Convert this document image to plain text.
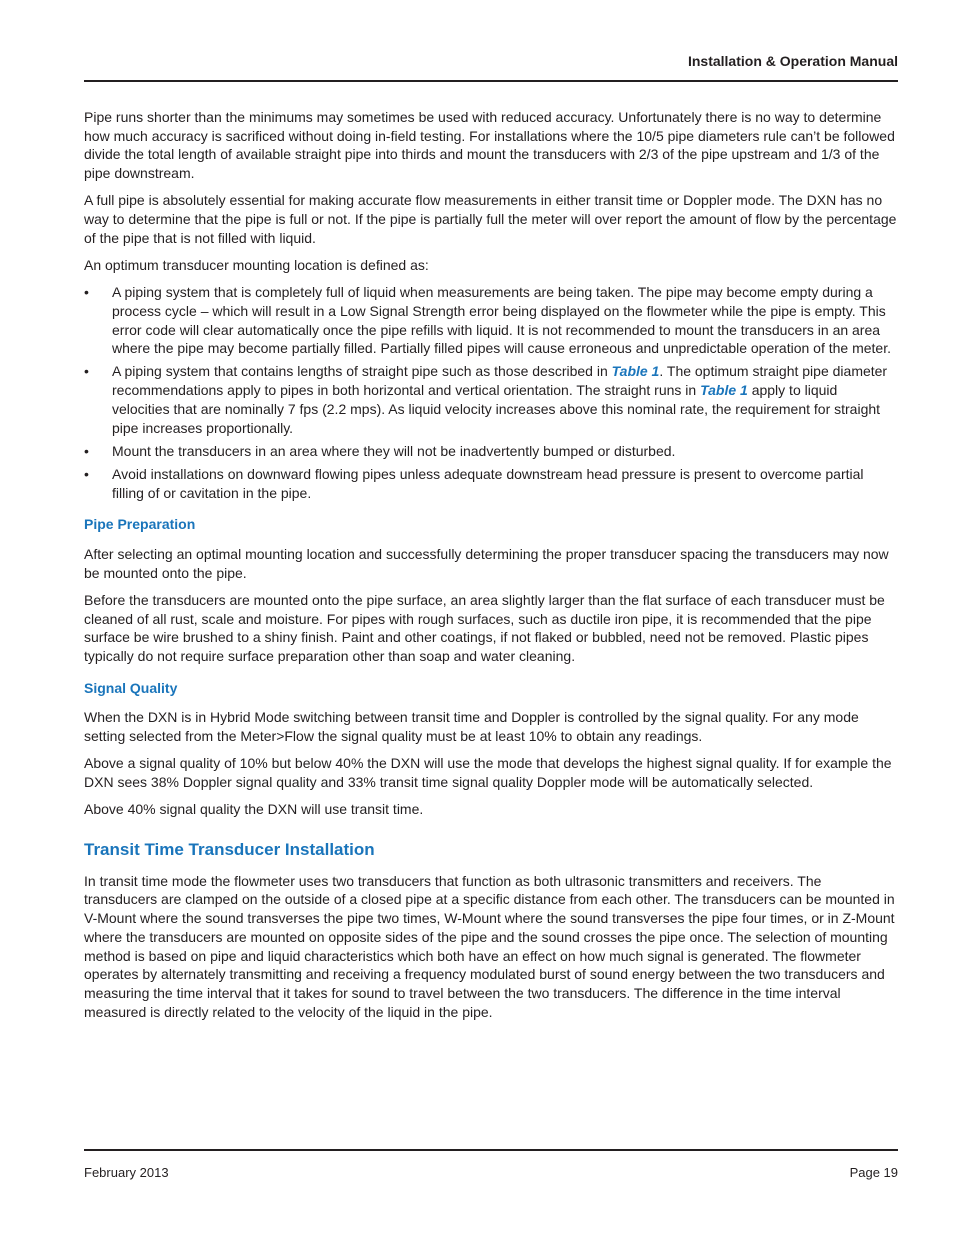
Installation & Operation Manual

Pipe runs shorter than the minimums may sometimes be used with reduced accuracy. Unfortunately there is no way to determine how much accuracy is sacrificed without doing in-field testing. For installations where the 10/5 pipe diameters rule can’t be followed divide the total length of available straight pipe into thirds and mount the transducers with 2/3 of the pipe upstream and 1/3 of the pipe downstream.

A full pipe is absolutely essential for making accurate flow measurements in either transit time or Doppler mode. The DXN has no way to determine that the pipe is full or not. If the pipe is partially full the meter will over report the amount of flow by the percentage of the pipe that is not filled with liquid.

An optimum transducer mounting location is defined as:

• A piping system that is completely full of liquid when measurements are being taken. The pipe may become empty during a process cycle – which will result in a Low Signal Strength error being displayed on the flowmeter while the pipe is empty. This error code will clear automatically once the pipe refills with liquid. It is not recommended to mount the transducers in an area where the pipe may become partially filled. Partially filled pipes will cause erroneous and unpredictable operation of the meter.
• A piping system that contains lengths of straight pipe such as those described in Table 1. The optimum straight pipe diameter recommendations apply to pipes in both horizontal and vertical orientation. The straight runs in Table 1 apply to liquid velocities that are nominally 7 fps (2.2 mps). As liquid velocity increases above this nominal rate, the requirement for straight pipe increases proportionally.
• Mount the transducers in an area where they will not be inadvertently bumped or disturbed.
• Avoid installations on downward flowing pipes unless adequate downstream head pressure is present to overcome partial filling of or cavitation in the pipe.
Pipe Preparation

After selecting an optimal mounting location and successfully determining the proper transducer spacing the transducers may now be mounted onto the pipe.

Before the transducers are mounted onto the pipe surface, an area slightly larger than the flat surface of each transducer must be cleaned of all rust, scale and moisture. For pipes with rough surfaces, such as ductile iron pipe, it is recommended that the pipe surface be wire brushed to a shiny finish. Paint and other coatings, if not flaked or bubbled, need not be removed. Plastic pipes typically do not require surface preparation other than soap and water cleaning.

Signal Quality

When the DXN is in Hybrid Mode switching between transit time and Doppler is controlled by the signal quality. For any mode setting selected from the Meter>Flow the signal quality must be at least 10% to obtain any readings.

Above a signal quality of 10% but below 40% the DXN will use the mode that develops the highest signal quality. If for example the DXN sees 38% Doppler signal quality and 33% transit time signal quality Doppler mode will be automatically selected.

Above 40% signal quality the DXN will use transit time.

Transit Time Transducer Installation

In transit time mode the flowmeter uses two transducers that function as both ultrasonic transmitters and receivers. The transducers are clamped on the outside of a closed pipe at a specific distance from each other. The transducers can be mounted in V-Mount where the sound transverses the pipe two times, W-Mount where the sound transverses the pipe four times, or in Z-Mount where the transducers are mounted on opposite sides of the pipe and the sound crosses the pipe once. The selection of mounting method is based on pipe and liquid characteristics which both have an effect on how much signal is generated. The flowmeter operates by alternately transmitting and receiving a frequency modulated burst of sound energy between the two transducers and measuring the time interval that it takes for sound to travel between the two transducers. The difference in the time interval measured is directly related to the velocity of the liquid in the pipe.

February 2013	Page 19
